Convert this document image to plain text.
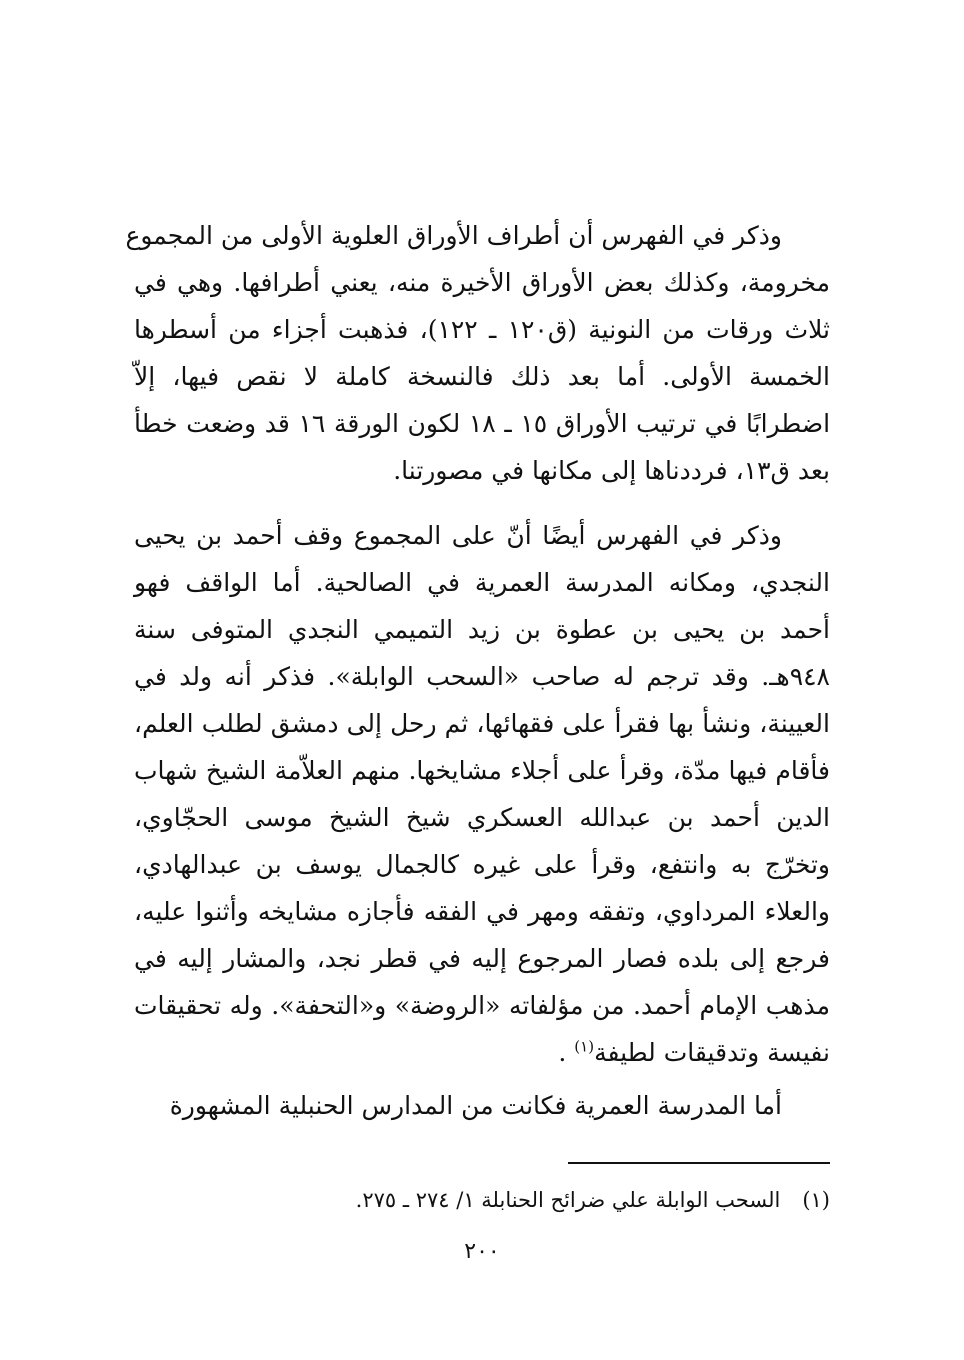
وذكر في الفهرس أن أطراف الأوراق العلوية الأولى من المجموع
مخرومة، وكذلك بعض الأوراق الأخيرة منه، يعني أطرافها. وهي في
ثلاث ورقات من النونية (ق١٢٠ ـ ١٢٢)، فذهبت أجزاء من أسطرها
الخمسة الأولى. أما بعد ذلك فالنسخة كاملة لا نقص فيها، إلاّ
اضطرابًا في ترتيب الأوراق ١٥ ـ ١٨ لكون الورقة ١٦ قد وضعت خطأ
بعد ق١٣، فرددناها إلى مكانها في مصورتنا.
وذكر في الفهرس أيضًا أنّ على المجموع وقف أحمد بن يحيى
النجدي، ومكانه المدرسة العمرية في الصالحية. أما الواقف فهو
أحمد بن يحيى بن عطوة بن زيد التميمي النجدي المتوفى سنة
٩٤٨هـ. وقد ترجم له صاحب «السحب الوابلة». فذكر أنه ولد في
العيينة، ونشأ بها فقرأ على فقهائها، ثم رحل إلى دمشق لطلب العلم،
فأقام فيها مدّة، وقرأ على أجلاء مشايخها. منهم العلاّمة الشيخ شهاب
الدين أحمد بن عبدالله العسكري شيخ الشيخ موسى الحجّاوي،
وتخرّج به وانتفع، وقرأ على غيره كالجمال يوسف بن عبدالهادي،
والعلاء المرداوي، وتفقه ومهر في الفقه فأجازه مشايخه وأثنوا عليه،
فرجع إلى بلده فصار المرجوع إليه في قطر نجد، والمشار إليه في
مذهب الإمام أحمد. من مؤلفاته «الروضة» و«التحفة». وله تحقيقات
نفيسة وتدقيقات لطيفة$^{(١)}$ .
أما المدرسة العمرية فكانت من المدارس الحنبلية المشهورة
(١)السحب الوابلة علي ضرائح الحنابلة ١/ ٢٧٤ ـ ٢٧٥.
٢٠٠
